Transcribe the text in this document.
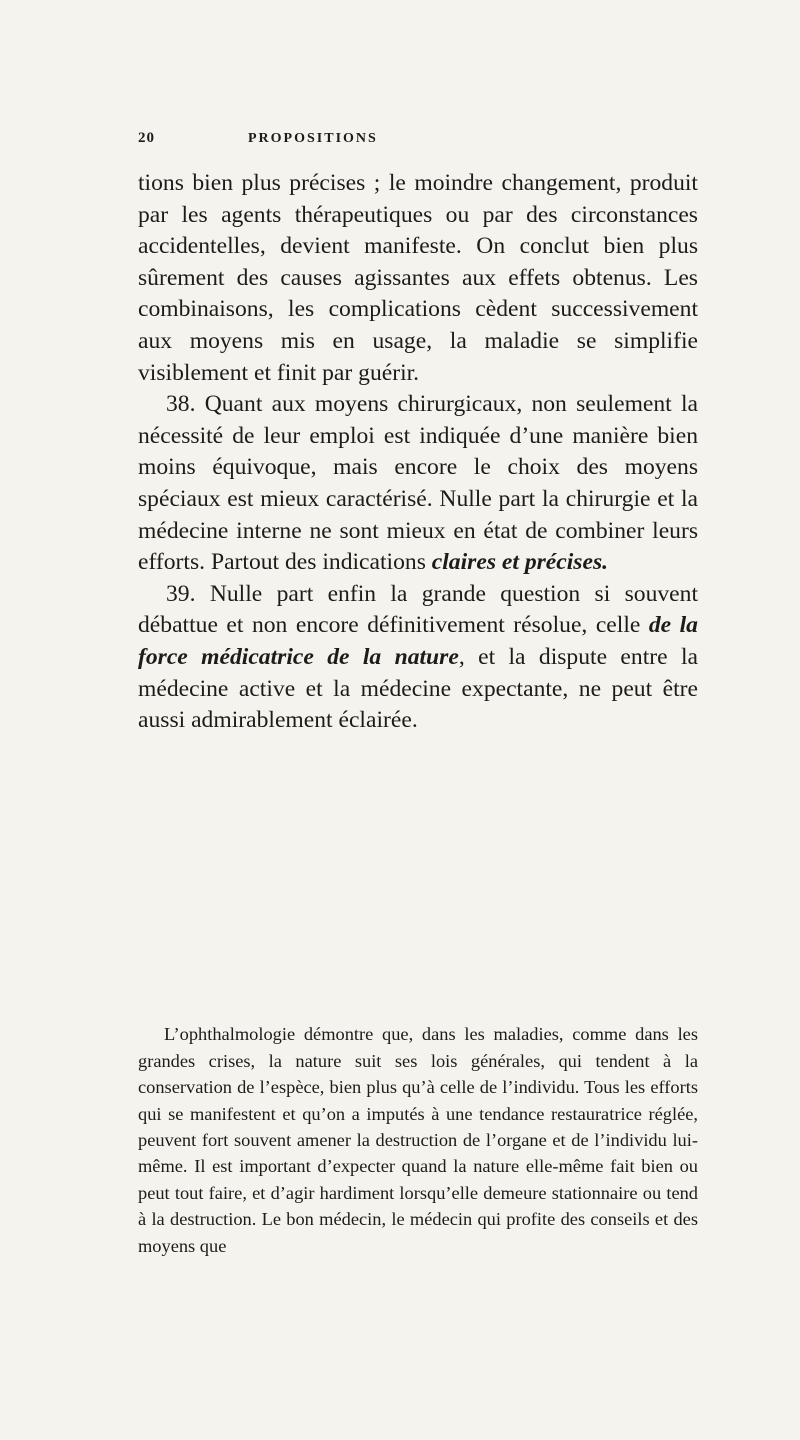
20	PROPOSITIONS

tions bien plus précises ; le moindre changement, produit par les agents thérapeutiques ou par des circonstances accidentelles, devient manifeste. On conclut bien plus sûrement des causes agissantes aux effets obtenus. Les combinaisons, les complications cèdent successivement aux moyens mis en usage, la maladie se simplifie visiblement et finit par guérir.

38. Quant aux moyens chirurgicaux, non seulement la nécessité de leur emploi est indiquée d’une manière bien moins équivoque, mais encore le choix des moyens spéciaux est mieux caractérisé. Nulle part la chirurgie et la médecine interne ne sont mieux en état de combiner leurs efforts. Partout des indications claires et précises.

39. Nulle part enfin la grande question si souvent débattue et non encore définitivement résolue, celle de la force médicatrice de la nature, et la dispute entre la médecine active et la médecine expectante, ne peut être aussi admirablement éclairée.

L’ophthalmologie démontre que, dans les maladies, comme dans les grandes crises, la nature suit ses lois générales, qui tendent à la conservation de l’espèce, bien plus qu’à celle de l’individu. Tous les efforts qui se manifestent et qu’on a imputés à une tendance restauratrice réglée, peuvent fort souvent amener la destruction de l’organe et de l’individu lui-même. Il est important d’expecter quand la nature elle-même fait bien ou peut tout faire, et d’agir hardiment lorsqu’elle demeure stationnaire ou tend à la destruction. Le bon médecin, le médecin qui profite des conseils et des moyens que
